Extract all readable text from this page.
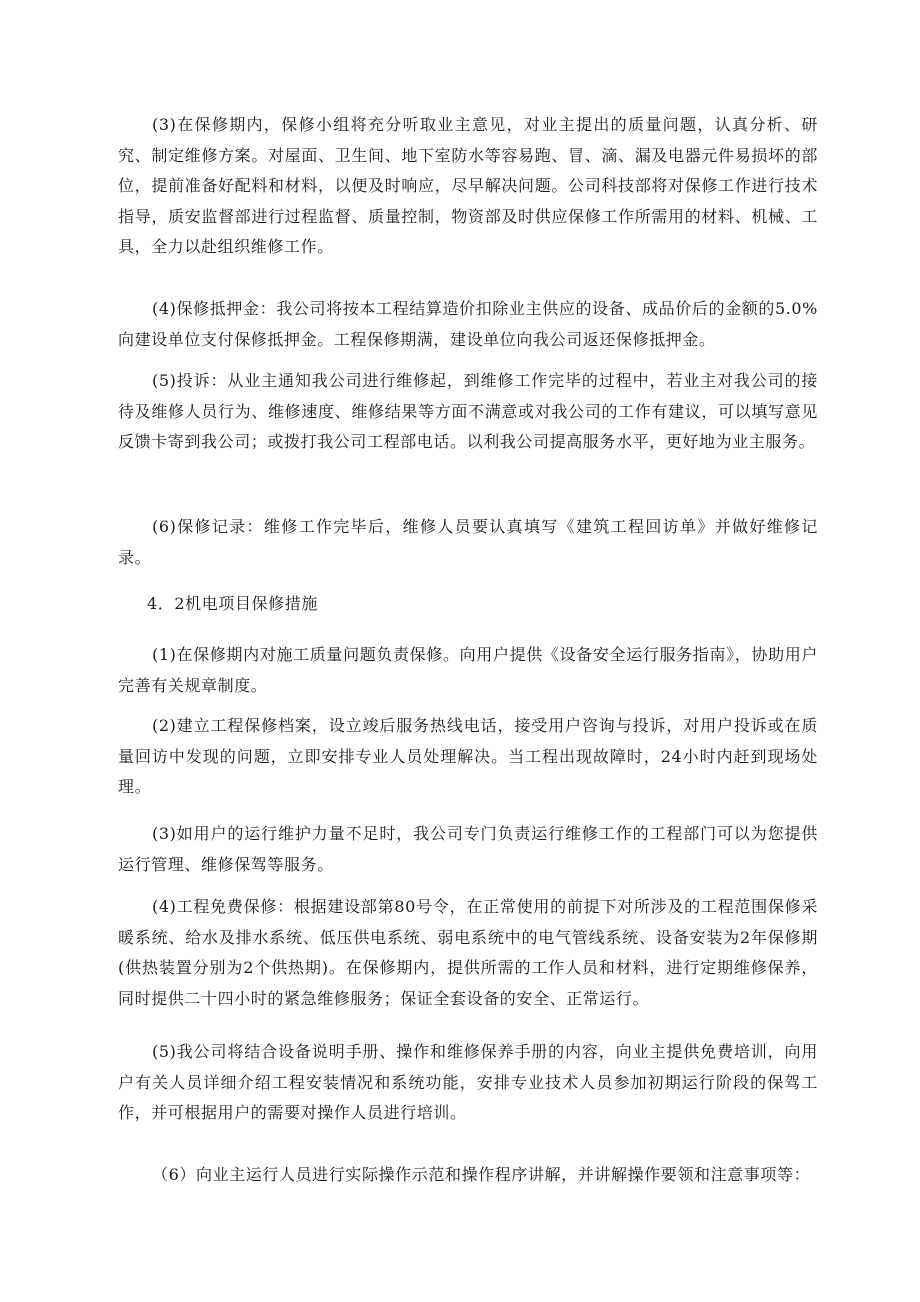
(3)在保修期内，保修小组将充分听取业主意见，对业主提出的质量问题，认真分析、研究、制定维修方案。对屋面、卫生间、地下室防水等容易跑、冒、滴、漏及电器元件易损坏的部位，提前准备好配料和材料，以便及时响应，尽早解决问题。公司科技部将对保修工作进行技术指导，质安监督部进行过程监督、质量控制，物资部及时供应保修工作所需用的材料、机械、工具，全力以赴组织维修工作。

(4)保修抵押金：我公司将按本工程结算造价扣除业主供应的设备、成品价后的金额的5.0%向建设单位支付保修抵押金。工程保修期满，建设单位向我公司返还保修抵押金。

(5)投诉：从业主通知我公司进行维修起，到维修工作完毕的过程中，若业主对我公司的接待及维修人员行为、维修速度、维修结果等方面不满意或对我公司的工作有建议，可以填写意见反馈卡寄到我公司；或拨打我公司工程部电话。以利我公司提高服务水平，更好地为业主服务。

(6)保修记录：维修工作完毕后，维修人员要认真填写《建筑工程回访单》并做好维修记录。

4．2机电项目保修措施

(1)在保修期内对施工质量问题负责保修。向用户提供《设备安全运行服务指南》，协助用户完善有关规章制度。

(2)建立工程保修档案，设立竣后服务热线电话，接受用户咨询与投诉，对用户投诉或在质量回访中发现的问题，立即安排专业人员处理解决。当工程出现故障时，24小时内赶到现场处理。

(3)如用户的运行维护力量不足时，我公司专门负责运行维修工作的工程部门可以为您提供运行管理、维修保驾等服务。

(4)工程免费保修：根据建设部第80号令，在正常使用的前提下对所涉及的工程范围保修采暖系统、给水及排水系统、低压供电系统、弱电系统中的电气管线系统、设备安装为2年保修期(供热装置分别为2个供热期)。在保修期内，提供所需的工作人员和材料，进行定期维修保养，同时提供二十四小时的紧急维修服务；保证全套设备的安全、正常运行。

(5)我公司将结合设备说明手册、操作和维修保养手册的内容，向业主提供免费培训，向用户有关人员详细介绍工程安装情况和系统功能，安排专业技术人员参加初期运行阶段的保驾工作，并可根据用户的需要对操作人员进行培训。

（6）向业主运行人员进行实际操作示范和操作程序讲解，并讲解操作要领和注意事项等：
